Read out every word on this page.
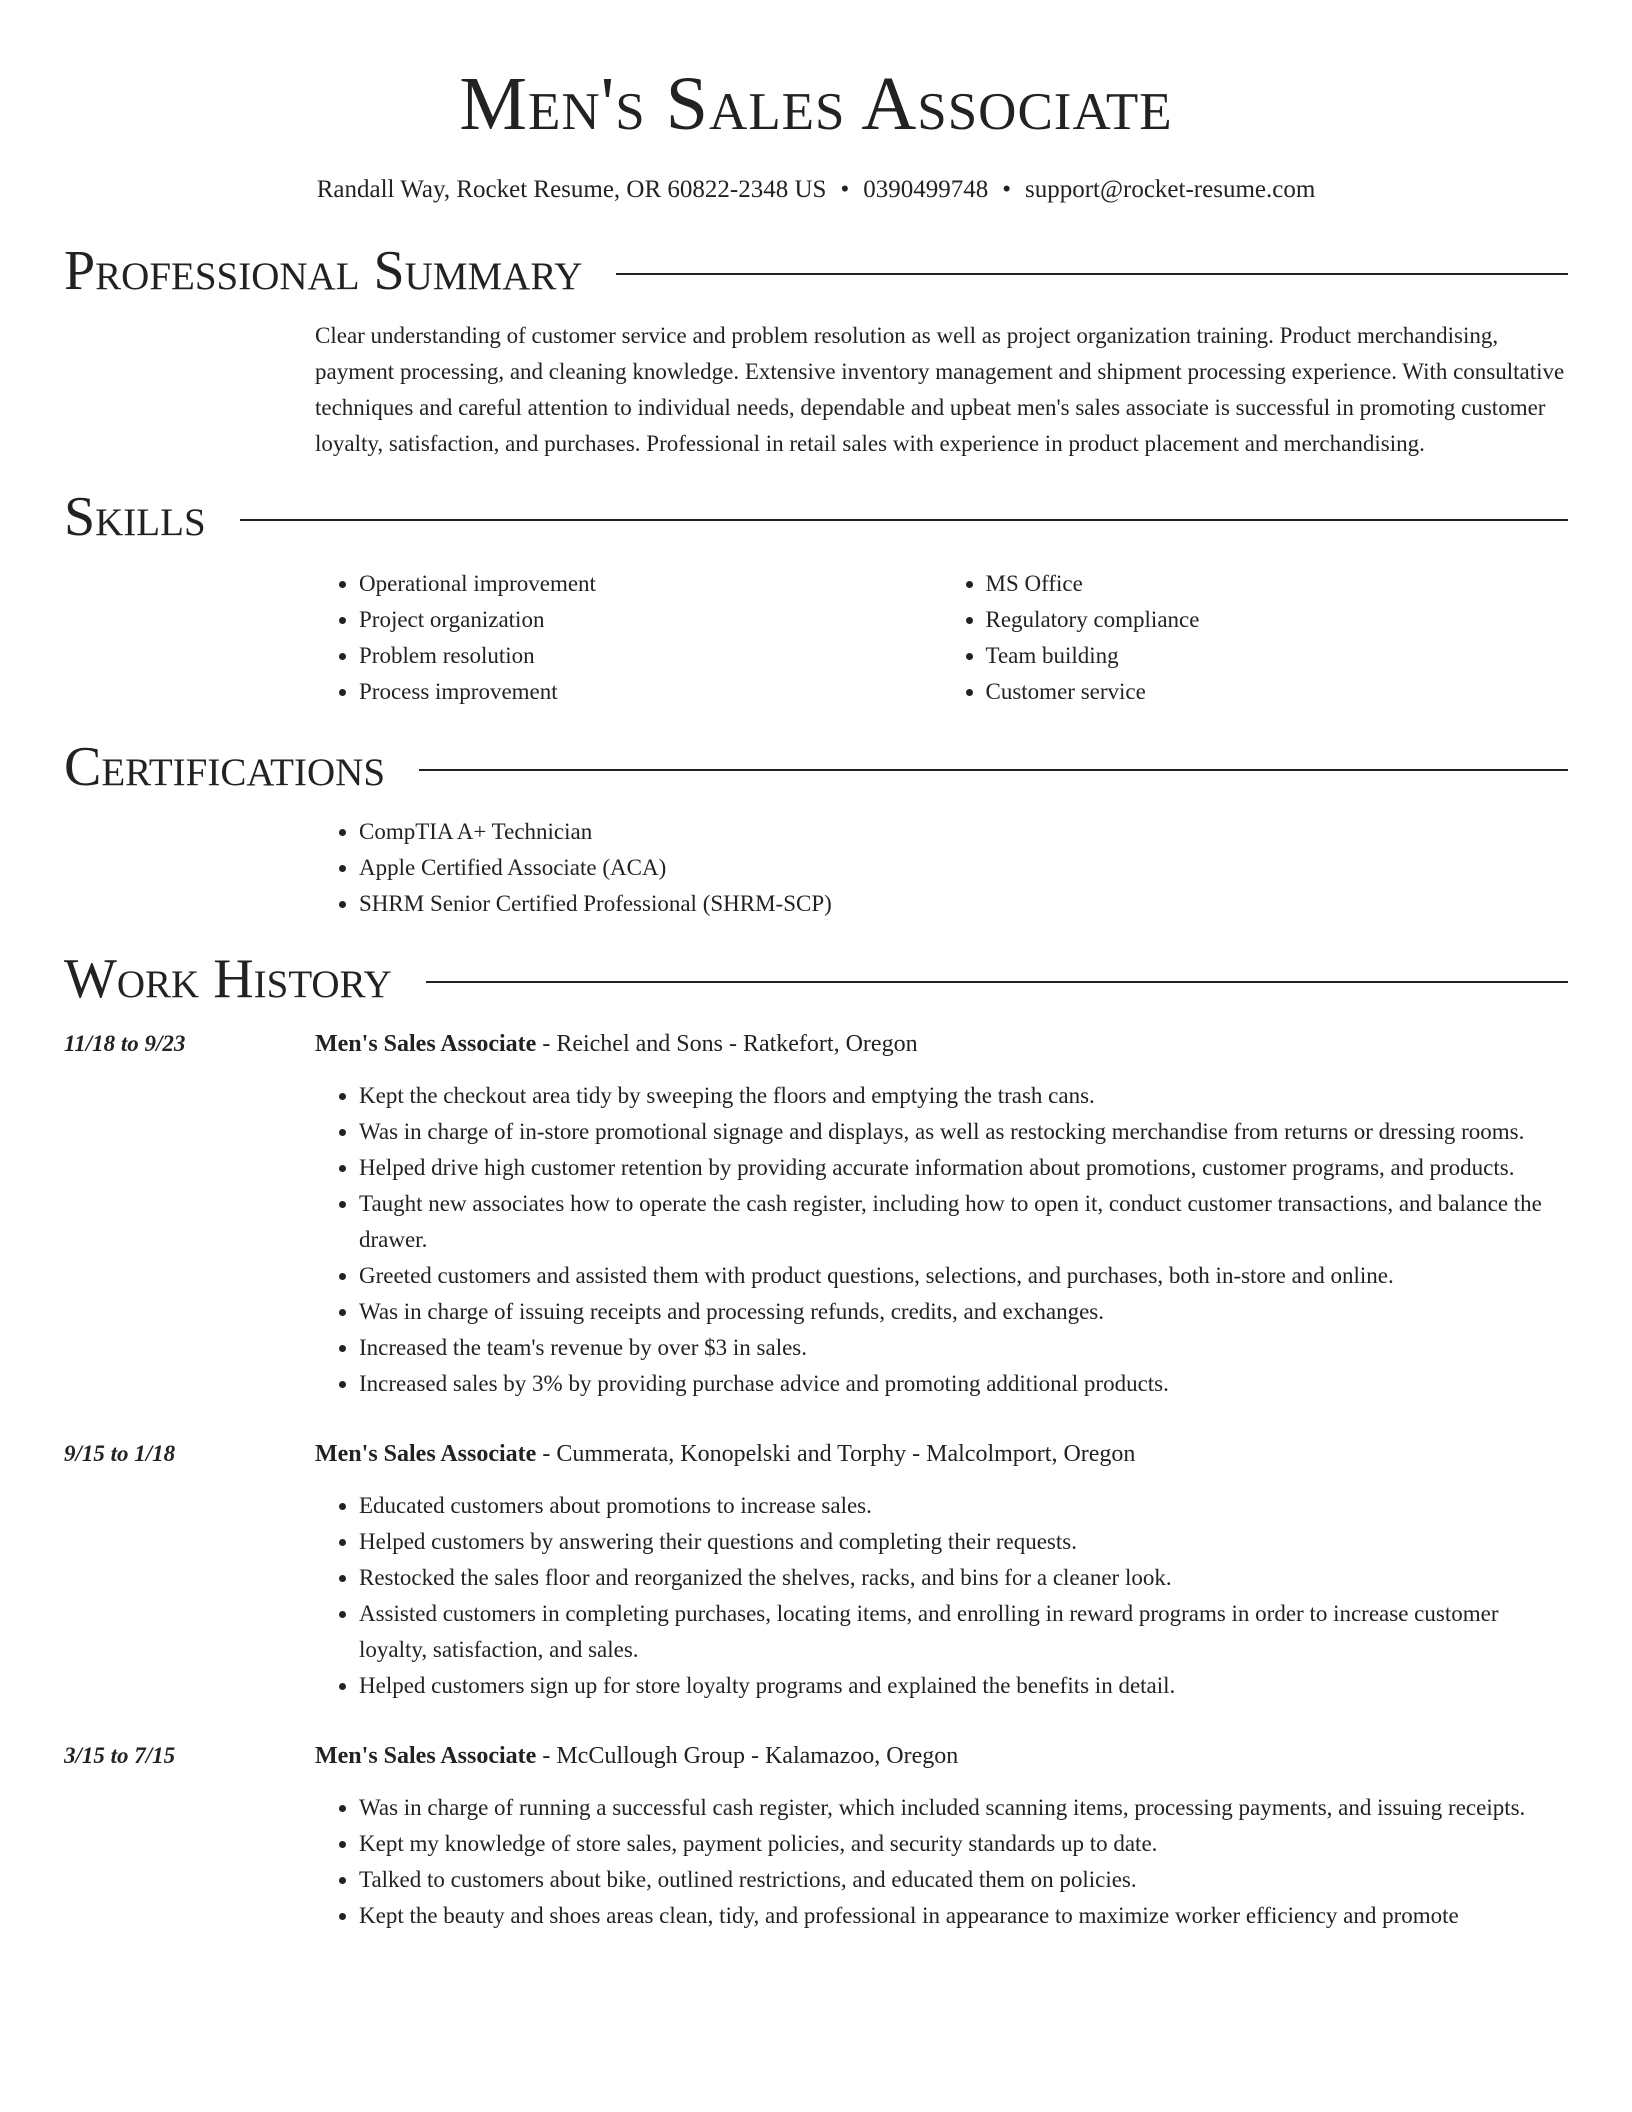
Men's Sales Associate
Randall Way, Rocket Resume, OR 60822-2348 US • 0390499748 • support@rocket-resume.com
Professional Summary

Clear understanding of customer service and problem resolution as well as project organization training. Product merchandising, payment processing, and cleaning knowledge. Extensive inventory management and shipment processing experience. With consultative techniques and careful attention to individual needs, dependable and upbeat men's sales associate is successful in promoting customer loyalty, satisfaction, and purchases. Professional in retail sales with experience in product placement and merchandising.

Skills
• Operational improvement
• Project organization
• Problem resolution
• Process improvement
• MS Office
• Regulatory compliance
• Team building
• Customer service
Certifications
• CompTIA A+ Technician
• Apple Certified Associate (ACA)
• SHRM Senior Certified Professional (SHRM-SCP)
Work History
11/18 to 9/23	Men's Sales Associate - Reichel and Sons - Ratkefort, Oregon
• Kept the checkout area tidy by sweeping the floors and emptying the trash cans.
• Was in charge of in-store promotional signage and displays, as well as restocking merchandise from returns or dressing rooms.
• Helped drive high customer retention by providing accurate information about promotions, customer programs, and products.
• Taught new associates how to operate the cash register, including how to open it, conduct customer transactions, and balance the drawer.
• Greeted customers and assisted them with product questions, selections, and purchases, both in-store and online.
• Was in charge of issuing receipts and processing refunds, credits, and exchanges.
• Increased the team's revenue by over $3 in sales.
• Increased sales by 3% by providing purchase advice and promoting additional products.
9/15 to 1/18	Men's Sales Associate - Cummerata, Konopelski and Torphy - Malcolmport, Oregon
• Educated customers about promotions to increase sales.
• Helped customers by answering their questions and completing their requests.
• Restocked the sales floor and reorganized the shelves, racks, and bins for a cleaner look.
• Assisted customers in completing purchases, locating items, and enrolling in reward programs in order to increase customer loyalty, satisfaction, and sales.
• Helped customers sign up for store loyalty programs and explained the benefits in detail.
3/15 to 7/15	Men's Sales Associate - McCullough Group - Kalamazoo, Oregon
• Was in charge of running a successful cash register, which included scanning items, processing payments, and issuing receipts.
• Kept my knowledge of store sales, payment policies, and security standards up to date.
• Talked to customers about bike, outlined restrictions, and educated them on policies.
• Kept the beauty and shoes areas clean, tidy, and professional in appearance to maximize worker efficiency and promote
